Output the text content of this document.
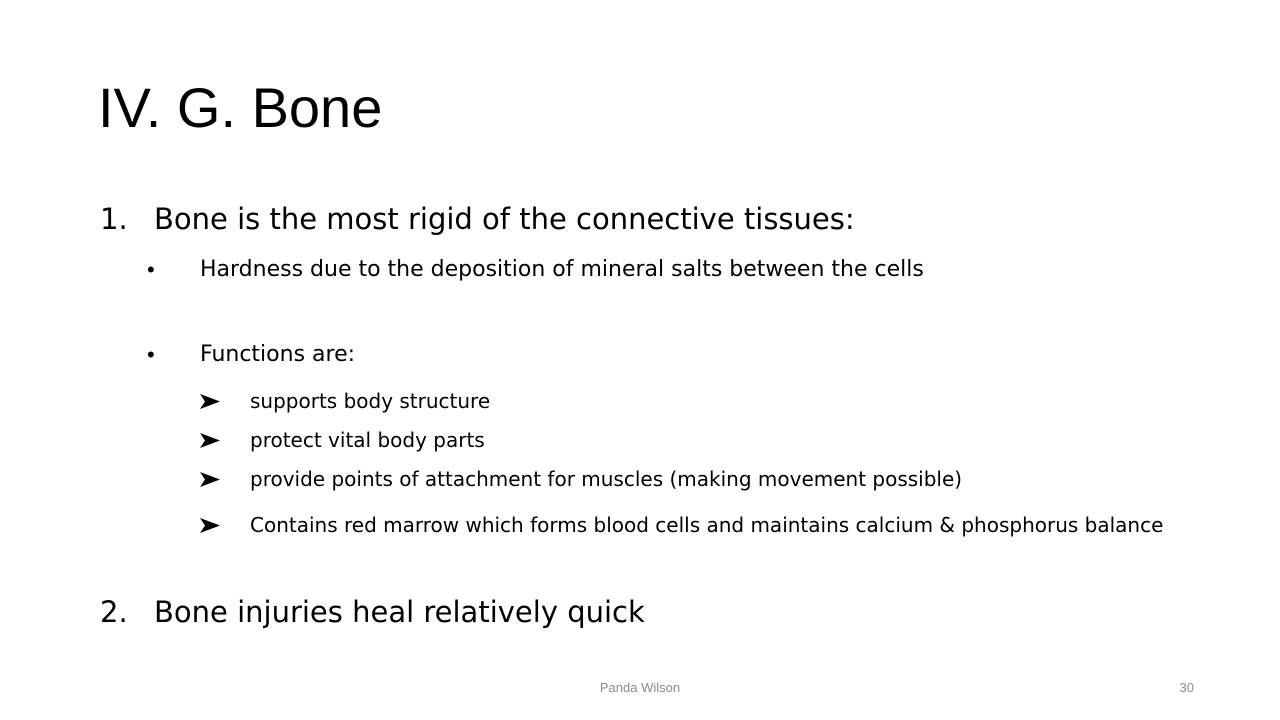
IV. G. Bone
1. Bone is the most rigid of the connective tissues:
• Hardness due to the deposition of mineral salts between the cells
• Functions are:
supports body structure
protect vital body parts
provide points of attachment for muscles (making movement possible)
Contains red marrow which forms blood cells and maintains calcium & phosphorus balance
2. Bone injuries heal relatively quick
Panda Wilson	30
